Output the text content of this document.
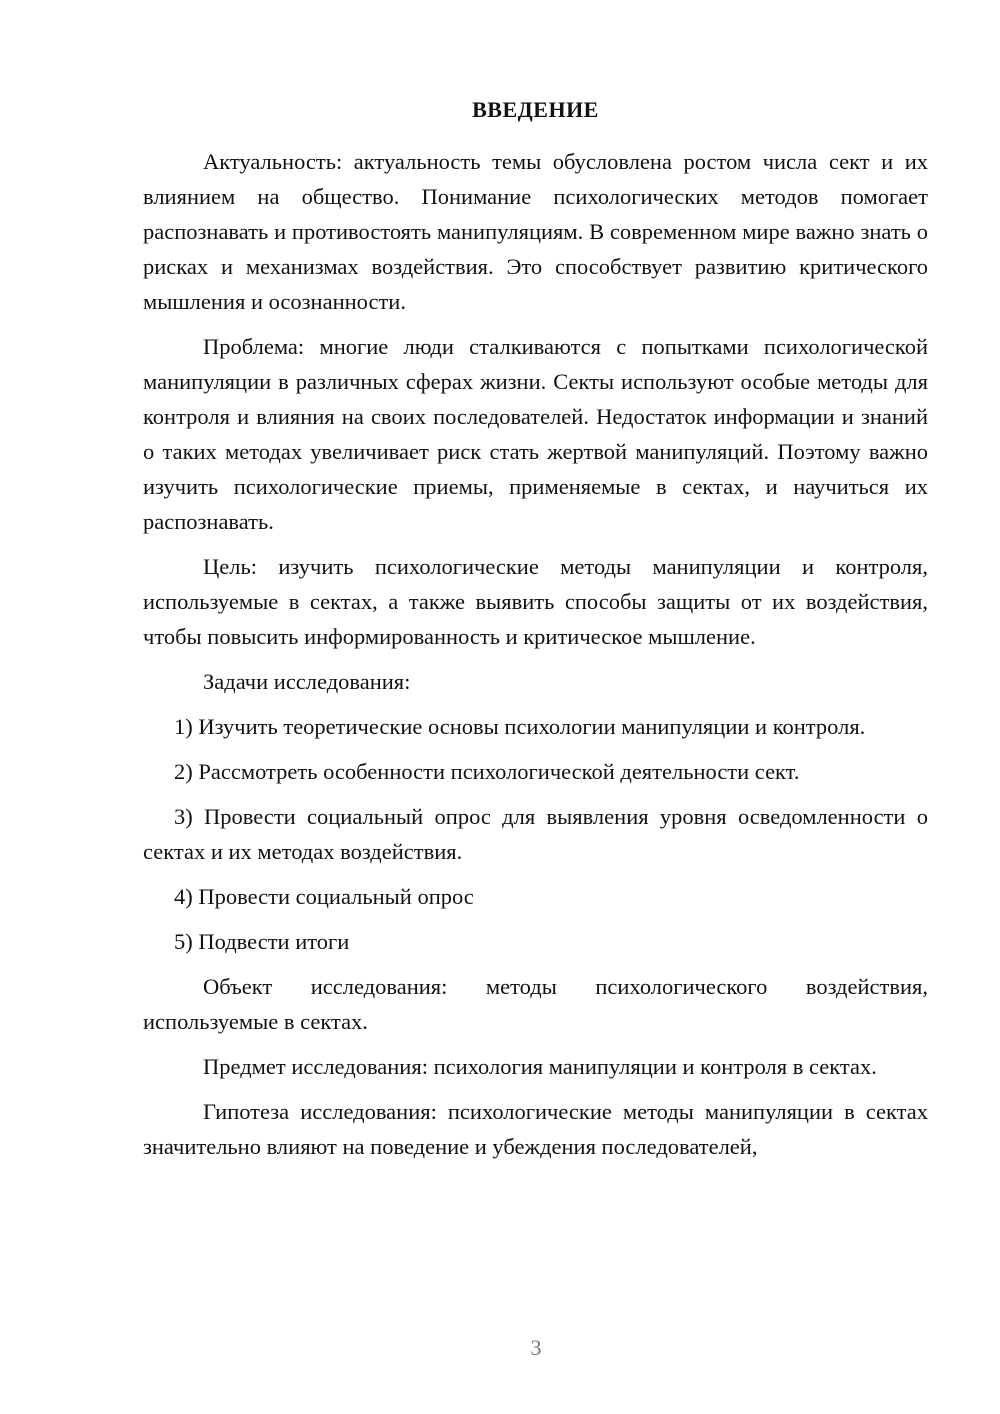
ВВЕДЕНИЕ

Актуальность: актуальность темы обусловлена ростом числа сект и их влиянием на общество. Понимание психологических методов помогает распознавать и противостоять манипуляциям. В современном мире важно знать о рисках и механизмах воздействия. Это способствует развитию критического мышления и осознанности.

Проблема: многие люди сталкиваются с попытками психологической манипуляции в различных сферах жизни. Секты используют особые методы для контроля и влияния на своих последователей. Недостаток информации и знаний о таких методах увеличивает риск стать жертвой манипуляций. Поэтому важно изучить психологические приемы, применяемые в сектах, и научиться их распознавать.

Цель: изучить психологические методы манипуляции и контроля, используемые в сектах, а также выявить способы защиты от их воздействия, чтобы повысить информированность и критическое мышление.

Задачи исследования:

1) Изучить теоретические основы психологии манипуляции и контроля.

2) Рассмотреть особенности психологической деятельности сект.

3) Провести социальный опрос для выявления уровня осведомленности о сектах и их методах воздействия.

4) Провести социальный опрос

5) Подвести итоги

Объект исследования: методы психологического воздействия, используемые в сектах.

Предмет исследования: психология манипуляции и контроля в сектах.

Гипотеза исследования: психологические методы манипуляции в сектах значительно влияют на поведение и убеждения последователей,

3
